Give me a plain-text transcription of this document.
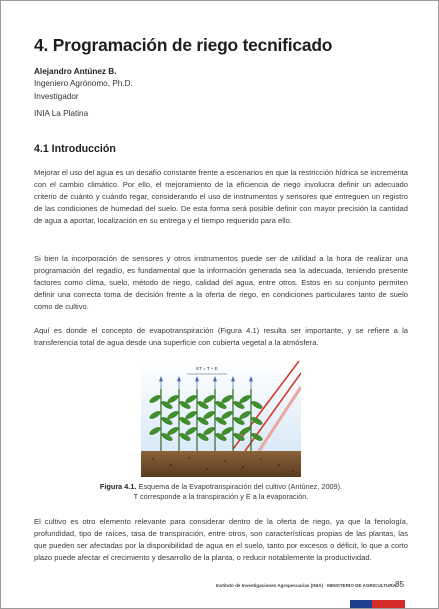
4. Programación de riego tecnificado
Alejandro Antúnez B.
Ingeniero Agrónomo, Ph.D.
Investigador
INIA La Platina
4.1 Introducción

Mejorar el uso del agua es un desafío constante frente a escenarios en que la restricción hídrica se incrementa con el cambio climático. Por ello, el mejoramiento de la eficiencia de riego involucra definir un adecuado criterio de cuánto y cuándo regar, considerando el uso de instrumentos y sensores que entreguen un registro de las condiciones de humedad del suelo. De esta forma será posible definir con mayor precisión la cantidad de agua a aportar, localización en su entrega y el tiempo requerido para ello.

Si bien la incorporación de sensores y otros instrumentos puede ser de utilidad a la hora de realizar una programación del regadío, es fundamental que la información generada sea la adecuada, teniendo presente factores como clima, suelo, método de riego, calidad del agua, entre otros. Estos en su conjunto permiten definir una correcta toma de decisión frente a la oferta de riego, en condiciones particulares tanto de suelo como de cultivo.

Aquí es donde el concepto de evapotranspiración (Figura 4.1) resulta ser importante, y se refiere a la transferencia total de agua desde una superficie con cubierta vegetal a la atmósfera.

ET = T + E
Figura 4.1. Esquema de la Evapotranspiración del cultivo (Antúnez, 2009).
T corresponde a la transpiración y E a la evaporación.

El cultivo es otro elemento relevante para considerar dentro de la oferta de riego, ya que la fenología, profundidad, tipo de raíces, tasa de transpiración, entre otros, son características propias de las plantas, las que pueden ser afectadas por la disponibilidad de agua en el suelo, tanto por excesos o déficit, lo que a corto plazo puede afectar el crecimiento y desarrollo de la planta, o reducir notablemente la productividad.

Instituto de Investigaciones Agropecuarias (INIA) · MINISTERIO DE AGRICULTURA 85
